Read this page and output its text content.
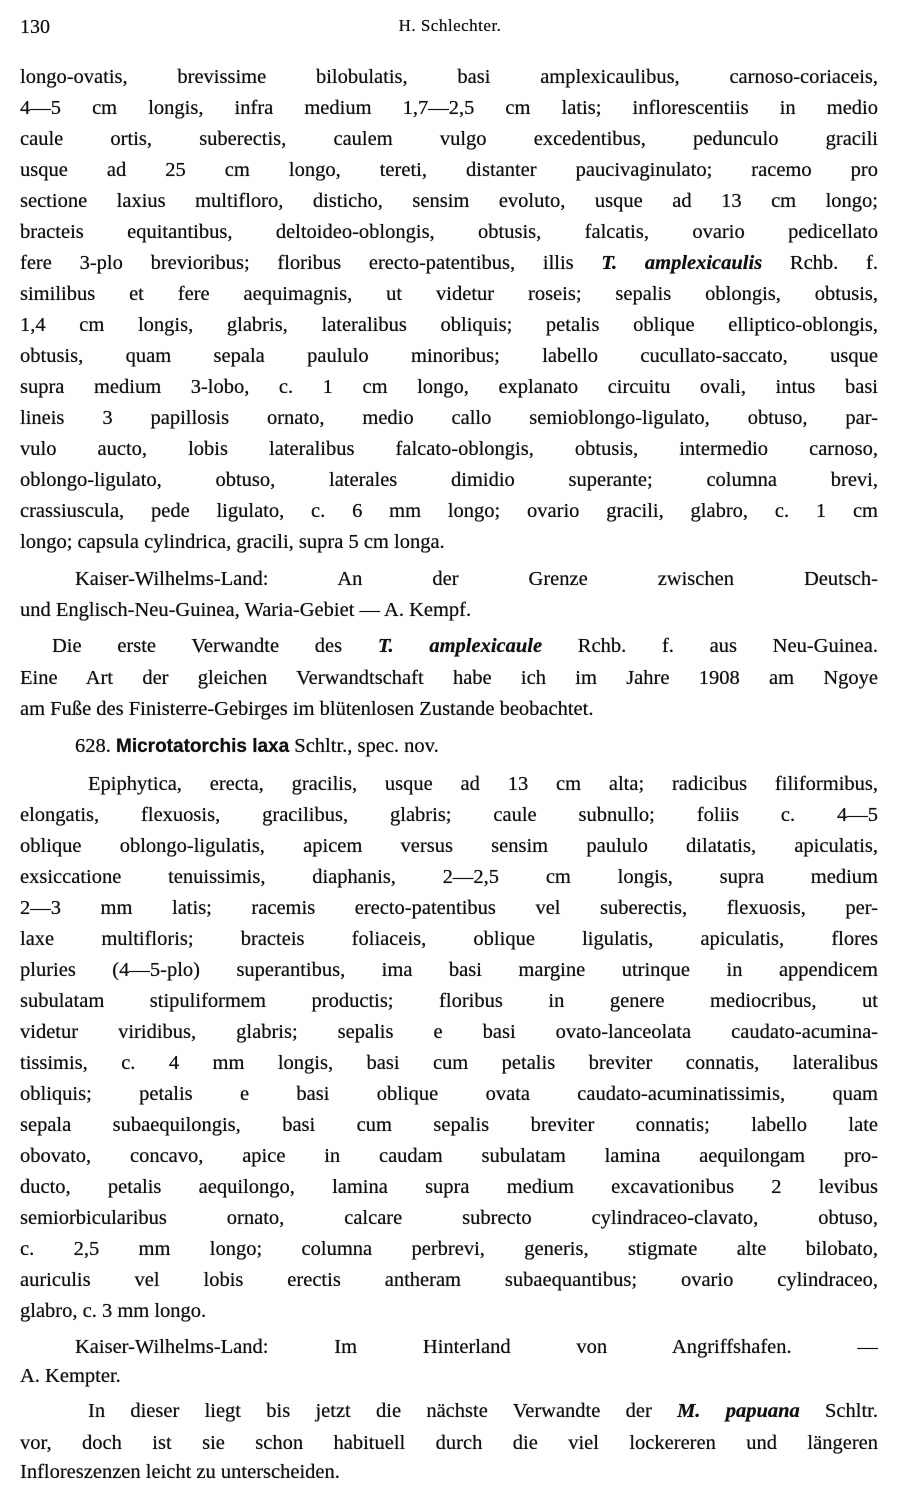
130	H. Schlechter.
longo-ovatis, brevissime bilobulatis, basi amplexicaulibus, carnoso-coriaceis,
4—5 cm longis, infra medium 1,7—2,5 cm latis; inflorescentiis in medio
caule ortis, suberectis, caulem vulgo excedentibus, pedunculo gracili
usque ad 25 cm longo, tereti, distanter paucivaginulato; racemo pro
sectione laxius multifloro, disticho, sensim evoluto, usque ad 13 cm longo;
bracteis equitantibus, deltoideo-oblongis, obtusis, falcatis, ovario pedicellato
fere 3-plo brevioribus; floribus erecto-patentibus, illis T. amplexicaulis Rchb. f.
similibus et fere aequimagnis, ut videtur roseis; sepalis oblongis, obtusis,
1,4 cm longis, glabris, lateralibus obliquis; petalis oblique elliptico-oblongis,
obtusis, quam sepala paululo minoribus; labello cucullato-saccato, usque
supra medium 3-lobo, c. 1 cm longo, explanato circuitu ovali, intus basi
lineis 3 papillosis ornato, medio callo semioblongo-ligulato, obtuso, par-
vulo aucto, lobis lateralibus falcato-oblongis, obtusis, intermedio carnoso,
oblongo-ligulato, obtuso, laterales dimidio superante; columna brevi,
crassiuscula, pede ligulato, c. 6 mm longo; ovario gracili, glabro, c. 1 cm
longo; capsula cylindrica, gracili, supra 5 cm longa.
Kaiser-Wilhelms-Land: An der Grenze zwischen Deutsch-
und Englisch-Neu-Guinea, Waria-Gebiet — A. Kempf.
Die erste Verwandte des T. amplexicaule Rchb. f. aus Neu-Guinea.
Eine Art der gleichen Verwandtschaft habe ich im Jahre 1908 am Ngoye
am Fuße des Finisterre-Gebirges im blütenlosen Zustande beobachtet.
628. Microtatorchis laxa Schltr., spec. nov.
Epiphytica, erecta, gracilis, usque ad 13 cm alta; radicibus filiformibus,
elongatis, flexuosis, gracilibus, glabris; caule subnullo; foliis c. 4—5
oblique oblongo-ligulatis, apicem versus sensim paululo dilatatis, apiculatis,
exsiccatione tenuissimis, diaphanis, 2—2,5 cm longis, supra medium
2—3 mm latis; racemis erecto-patentibus vel suberectis, flexuosis, per-
laxe multifloris; bracteis foliaceis, oblique ligulatis, apiculatis, flores
pluries (4—5-plo) superantibus, ima basi margine utrinque in appendicem
subulatam stipuliformem productis; floribus in genere mediocribus, ut
videtur viridibus, glabris; sepalis e basi ovato-lanceolata caudato-acumina-
tissimis, c. 4 mm longis, basi cum petalis breviter connatis, lateralibus
obliquis; petalis e basi oblique ovata caudato-acuminatissimis, quam
sepala subaequilongis, basi cum sepalis breviter connatis; labello late
obovato, concavo, apice in caudam subulatam lamina aequilongam pro-
ducto, petalis aequilongo, lamina supra medium excavationibus 2 levibus
semiorbicularibus ornato, calcare subrecto cylindraceo-clavato, obtuso,
c. 2,5 mm longo; columna perbrevi, generis, stigmate alte bilobato,
auriculis vel lobis erectis antheram subaequantibus; ovario cylindraceo,
glabro, c. 3 mm longo.
Kaiser-Wilhelms-Land: Im Hinterland von Angriffshafen. —
A. Kempter.
In dieser liegt bis jetzt die nächste Verwandte der M. papuana Schltr.
vor, doch ist sie schon habituell durch die viel lockereren und längeren
Infloreszenzen leicht zu unterscheiden.
